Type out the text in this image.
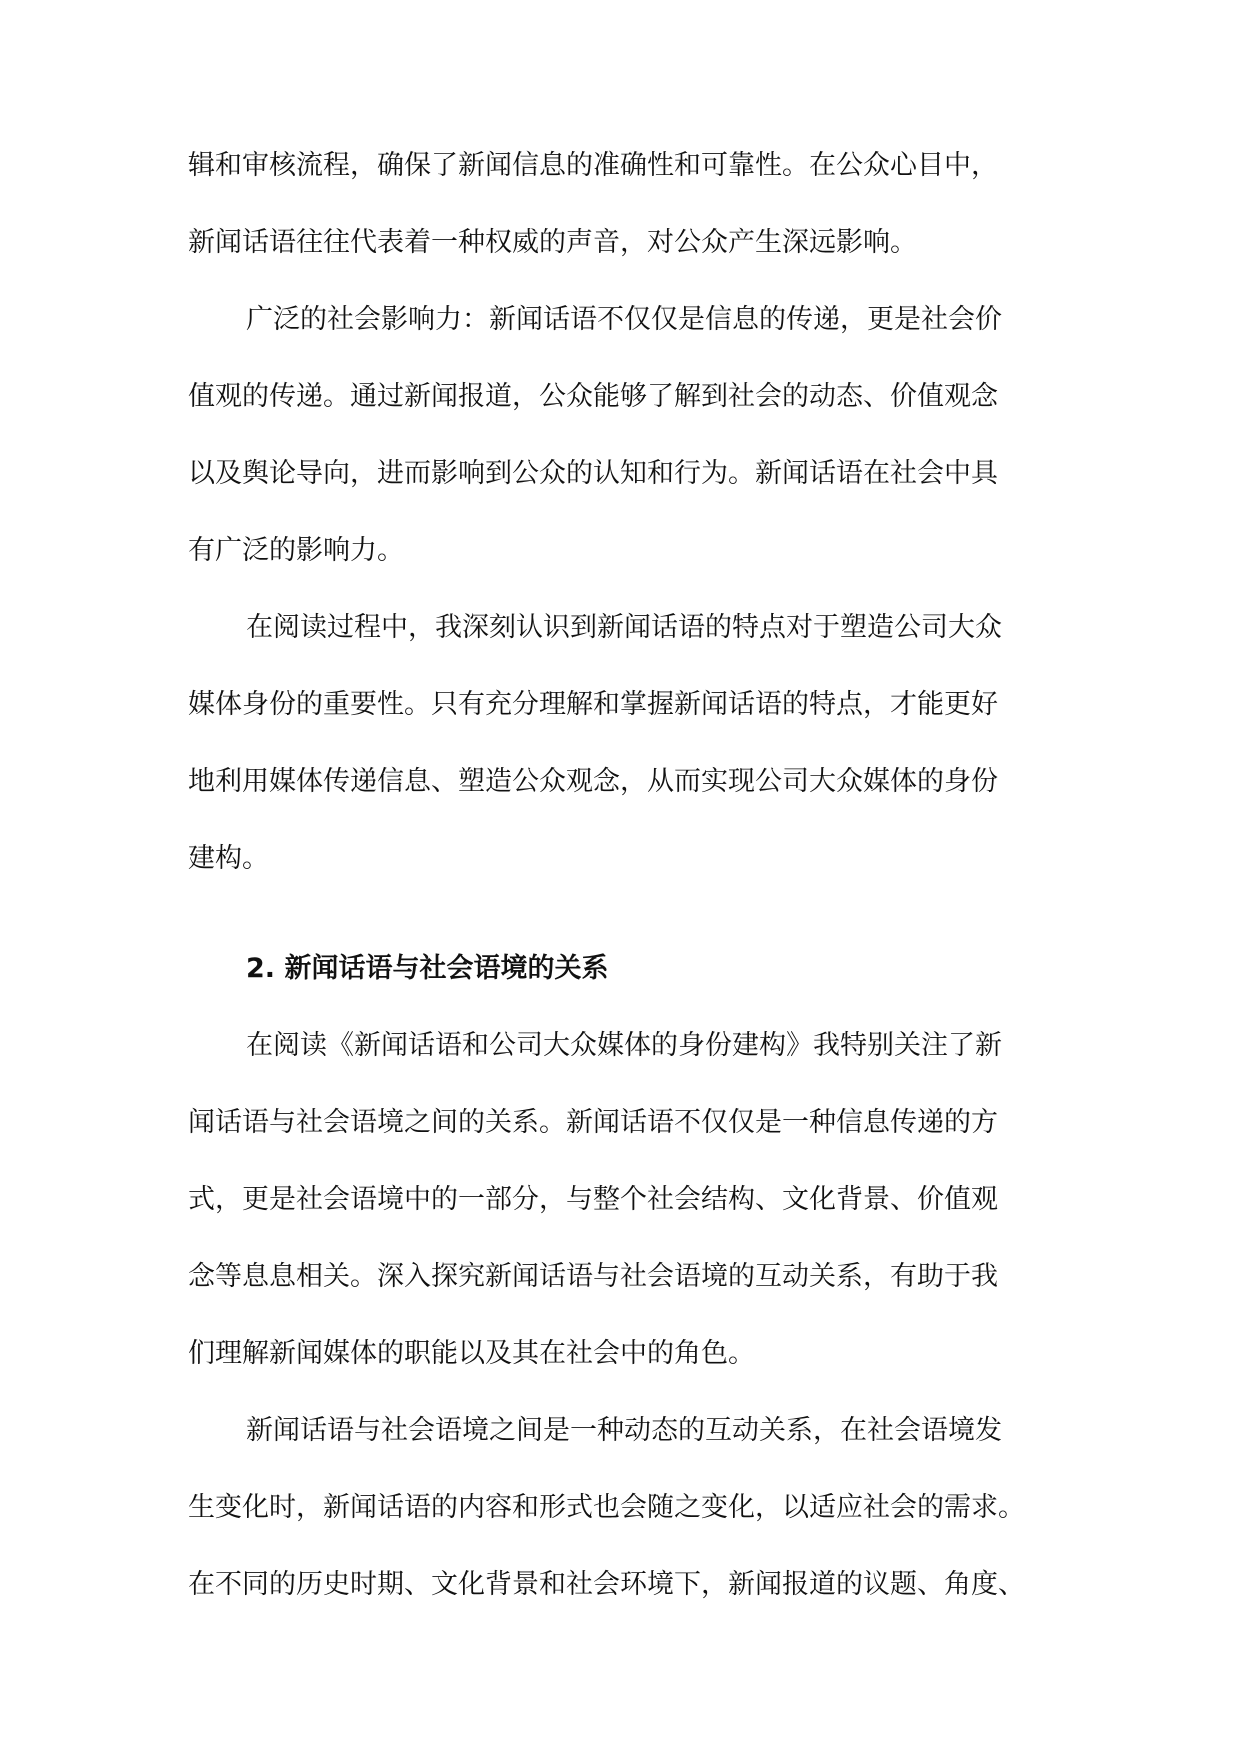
辑和审核流程，确保了新闻信息的准确性和可靠性。在公众心目中，
新闻话语往往代表着一种权威的声音，对公众产生深远影响。
广泛的社会影响力：新闻话语不仅仅是信息的传递，更是社会价
值观的传递。通过新闻报道，公众能够了解到社会的动态、价值观念
以及舆论导向，进而影响到公众的认知和行为。新闻话语在社会中具
有广泛的影响力。
在阅读过程中，我深刻认识到新闻话语的特点对于塑造公司大众
媒体身份的重要性。只有充分理解和掌握新闻话语的特点，才能更好
地利用媒体传递信息、塑造公众观念，从而实现公司大众媒体的身份
建构。
2. 新闻话语与社会语境的关系
在阅读《新闻话语和公司大众媒体的身份建构》我特别关注了新
闻话语与社会语境之间的关系。新闻话语不仅仅是一种信息传递的方
式，更是社会语境中的一部分，与整个社会结构、文化背景、价值观
念等息息相关。深入探究新闻话语与社会语境的互动关系，有助于我
们理解新闻媒体的职能以及其在社会中的角色。
新闻话语与社会语境之间是一种动态的互动关系，在社会语境发
生变化时，新闻话语的内容和形式也会随之变化，以适应社会的需求。
在不同的历史时期、文化背景和社会环境下，新闻报道的议题、角度、
